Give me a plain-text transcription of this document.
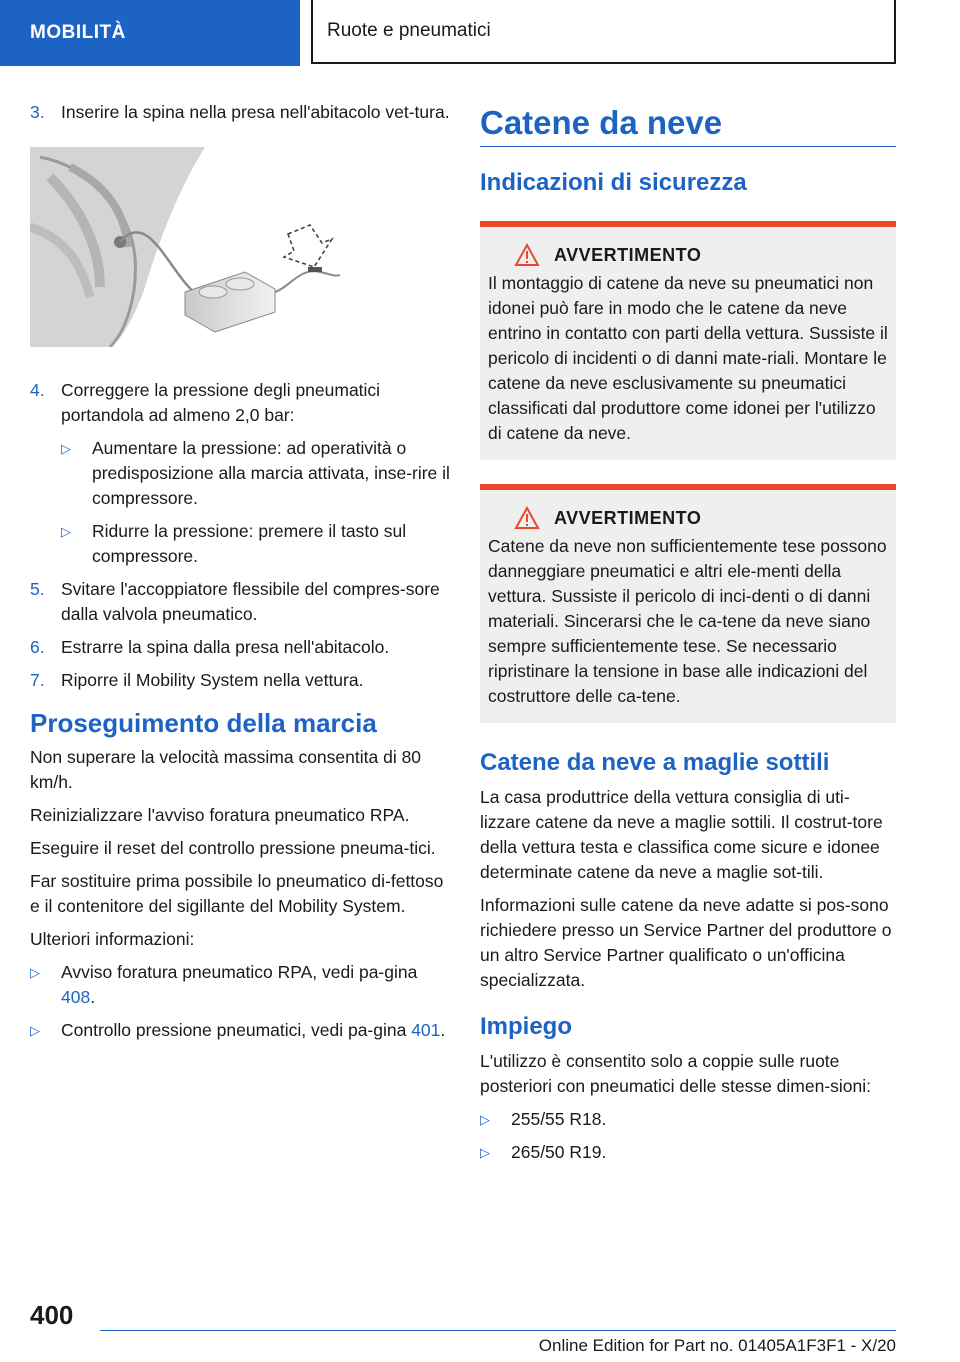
MOBILITÀ	Ruote e pneumatici
3. Inserire la spina nella presa nell'abitacolo vet-tura.
4. Correggere la pressione degli pneumatici portandola ad almeno 2,0 bar:
▷	Aumentare la pressione: ad operatività o predisposizione alla marcia attivata, inse-rire il compressore.
▷	Ridurre la pressione: premere il tasto sul compressore.
5. Svitare l'accoppiatore flessibile del compres-sore dalla valvola pneumatico.
6. Estrarre la spina dalla presa nell'abitacolo.
7. Riporre il Mobility System nella vettura.
Proseguimento della marcia

Non superare la velocità massima consentita di 80 km/h.

Reinizializzare l'avviso foratura pneumatico RPA.

Eseguire il reset del controllo pressione pneuma-tici.

Far sostituire prima possibile lo pneumatico di-fettoso e il contenitore del sigillante del Mobility System.

Ulteriori informazioni:

▷	Avviso foratura pneumatico RPA, vedi pa-gina 408.
▷	Controllo pressione pneumatici, vedi pa-gina 401.
Catene da neve
Indicazioni di sicurezza
AVVERTIMENTO

Il montaggio di catene da neve su pneumatici non idonei può fare in modo che le catene da neve entrino in contatto con parti della vettura. Sussiste il pericolo di incidenti o di danni mate-riali. Montare le catene da neve esclusivamente su pneumatici classificati dal produttore come idonei per l'utilizzo di catene da neve.

AVVERTIMENTO

Catene da neve non sufficientemente tese possono danneggiare pneumatici e altri ele-menti della vettura. Sussiste il pericolo di inci-denti o di danni materiali. Sincerarsi che le ca-tene da neve siano sempre sufficientemente tese. Se necessario ripristinare la tensione in base alle indicazioni del costruttore delle ca-tene.

Catene da neve a maglie sottili

La casa produttrice della vettura consiglia di uti-lizzare catene da neve a maglie sottili. Il costrut-tore della vettura testa e classifica come sicure e idonee determinate catene da neve a maglie sot-tili.

Informazioni sulle catene da neve adatte si pos-sono richiedere presso un Service Partner del produttore o un altro Service Partner qualificato o un'officina specializzata.

Impiego

L'utilizzo è consentito solo a coppie sulle ruote posteriori con pneumatici delle stesse dimen-sioni:

▷	255/55 R18.
▷	265/50 R19.
400
Online Edition for Part no. 01405A1F3F1 - X/20
